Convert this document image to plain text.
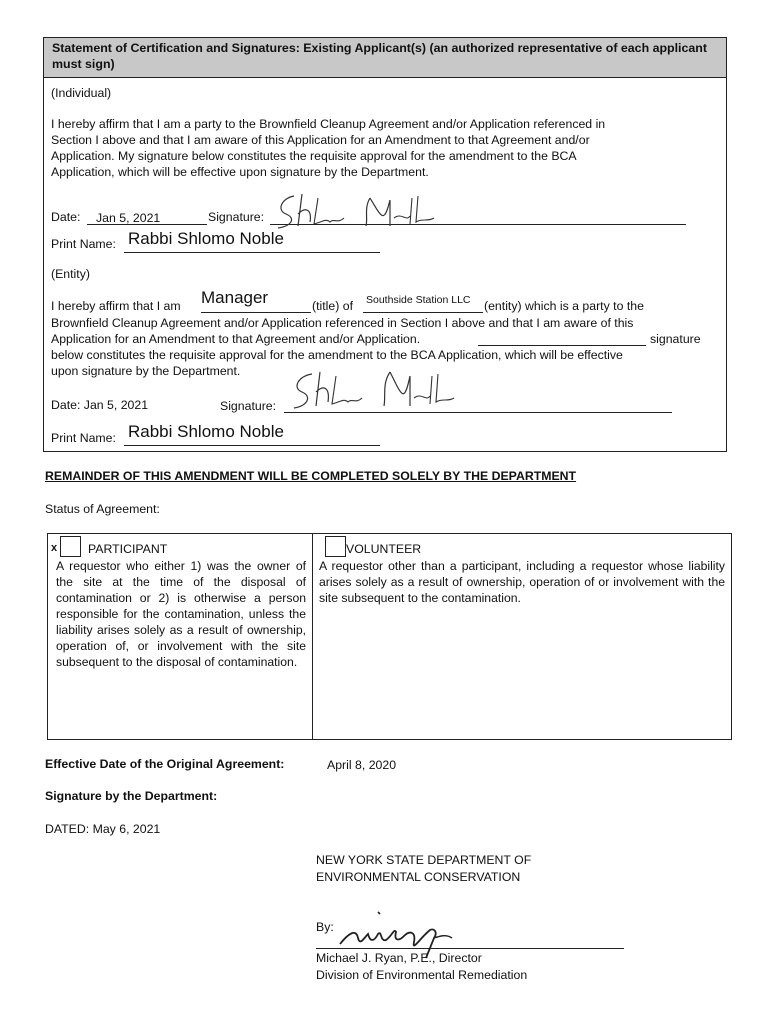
Statement of Certification and Signatures: Existing Applicant(s) (an authorized representative of each applicant must sign)
(Individual)
I hereby affirm that I am a party to the Brownfield Cleanup Agreement and/or Application referenced in
Section I above and that I am aware of this Application for an Amendment to that Agreement and/or
Application. My signature below constitutes the requisite approval for the amendment to the BCA
Application, which will be effective upon signature by the Department.
Date: Jan 5, 2021	Signature:
Print Name: Rabbi Shlomo Noble
(Entity)
I hereby affirm that I am Manager	(title) of Southside Station LLC (entity) which is a party to the
Brownfield Cleanup Agreement and/or Application referenced in Section I above and that I am aware of this
Application for an Amendment to that Agreement and/or Application.	signature
below constitutes the requisite approval for the amendment to the BCA Application, which will be effective
upon signature by the Department.
Date: Jan 5, 2021	Signature:
Print Name: Rabbi Shlomo Noble
REMAINDER OF THIS AMENDMENT WILL BE COMPLETED SOLELY BY THE DEPARTMENT
Status of Agreement:
x	PARTICIPANT
A requestor who either 1) was the owner of the site at the time of the disposal of contamination or 2) is otherwise a person responsible for the contamination, unless the liability arises solely as a result of ownership, operation of, or involvement with the site subsequent to the disposal of contamination.
VOLUNTEER
A requestor other than a participant, including a requestor whose liability arises solely as a result of ownership, operation of or involvement with the site subsequent to the contamination.
Effective Date of the Original Agreement:	April 8, 2020
Signature by the Department:
DATED: May 6, 2021
NEW YORK STATE DEPARTMENT OF
ENVIRONMENTAL CONSERVATION
By:
Michael J. Ryan, P.E., Director
Division of Environmental Remediation
